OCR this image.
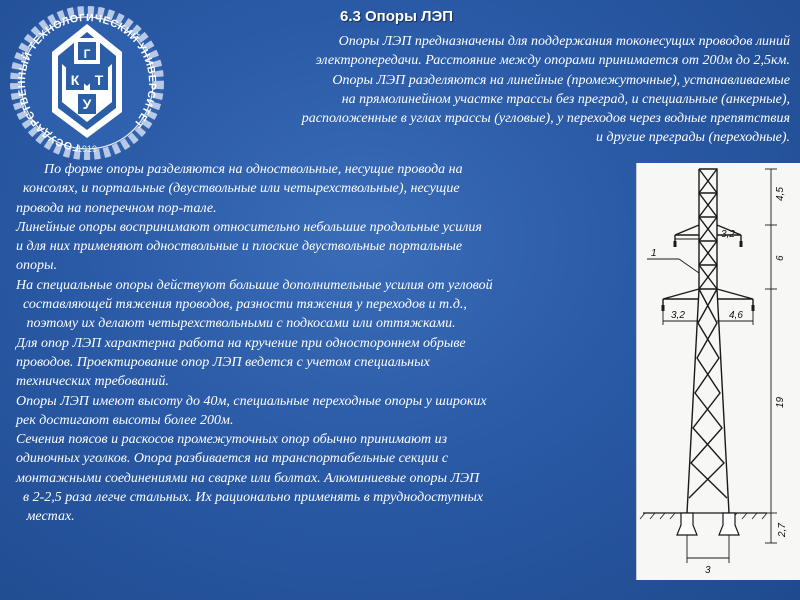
ГОСУДАРСТВЕННЫЙ ТЕХНОЛОГИЧЕСКИЙ УНИВЕРСИТЕТ
К Т
У
Г
1919
6.3 Опоры ЛЭП

Опоры ЛЭП предназначены для поддержания токонесущих проводов линий

электропередачи. Расстояние между опорами принимается от 200м до 2,5км.

Опоры ЛЭП разделяются на линейные (промежуточные), устанавливаемые

на прямолинейном участке трассы без преград, и специальные (анкерные),

расположенные в углах трассы (угловые), у переходов через водные препятствия

и другие преграды (переходные).

По форме опоры разделяются на одноствольные, несущие провода на

консолях, и портальные (двуствольные или четырехствольные), несущие

провода на поперечном пор-тале.

Линейные опоры воспринимают относительно небольшие продольные усилия

и для них применяют одноствольные и плоские двуствольные портальные

опоры.

На специальные опоры действуют большие дополнительные усилия от угловой

составляющей тяжения проводов, разности тяжения у переходов и т.д.,

поэтому их делают четырехствольными с подкосами или оттяжками.

Для опор ЛЭП характерна работа на кручение при одностороннем обрыве

проводов. Проектирование опор ЛЭП ведется с учетом специальных

технических требований.

Опоры ЛЭП имеют высоту до 40м, специальные переходные опоры у широких

рек достигают высоты более 200м.

Сечения поясов и раскосов промежуточных опор обычно принимают из

одиночных уголков. Опора разбивается на транспортабельные секции с

монтажными соединениями на сварке или болтах. Алюминиевые опоры ЛЭП

в 2-2,5 раза легче стальных. Их рационально применять в труднодоступных

местах.

4,5
6
19
2,7
3,2
3,2	4,6
3
1
